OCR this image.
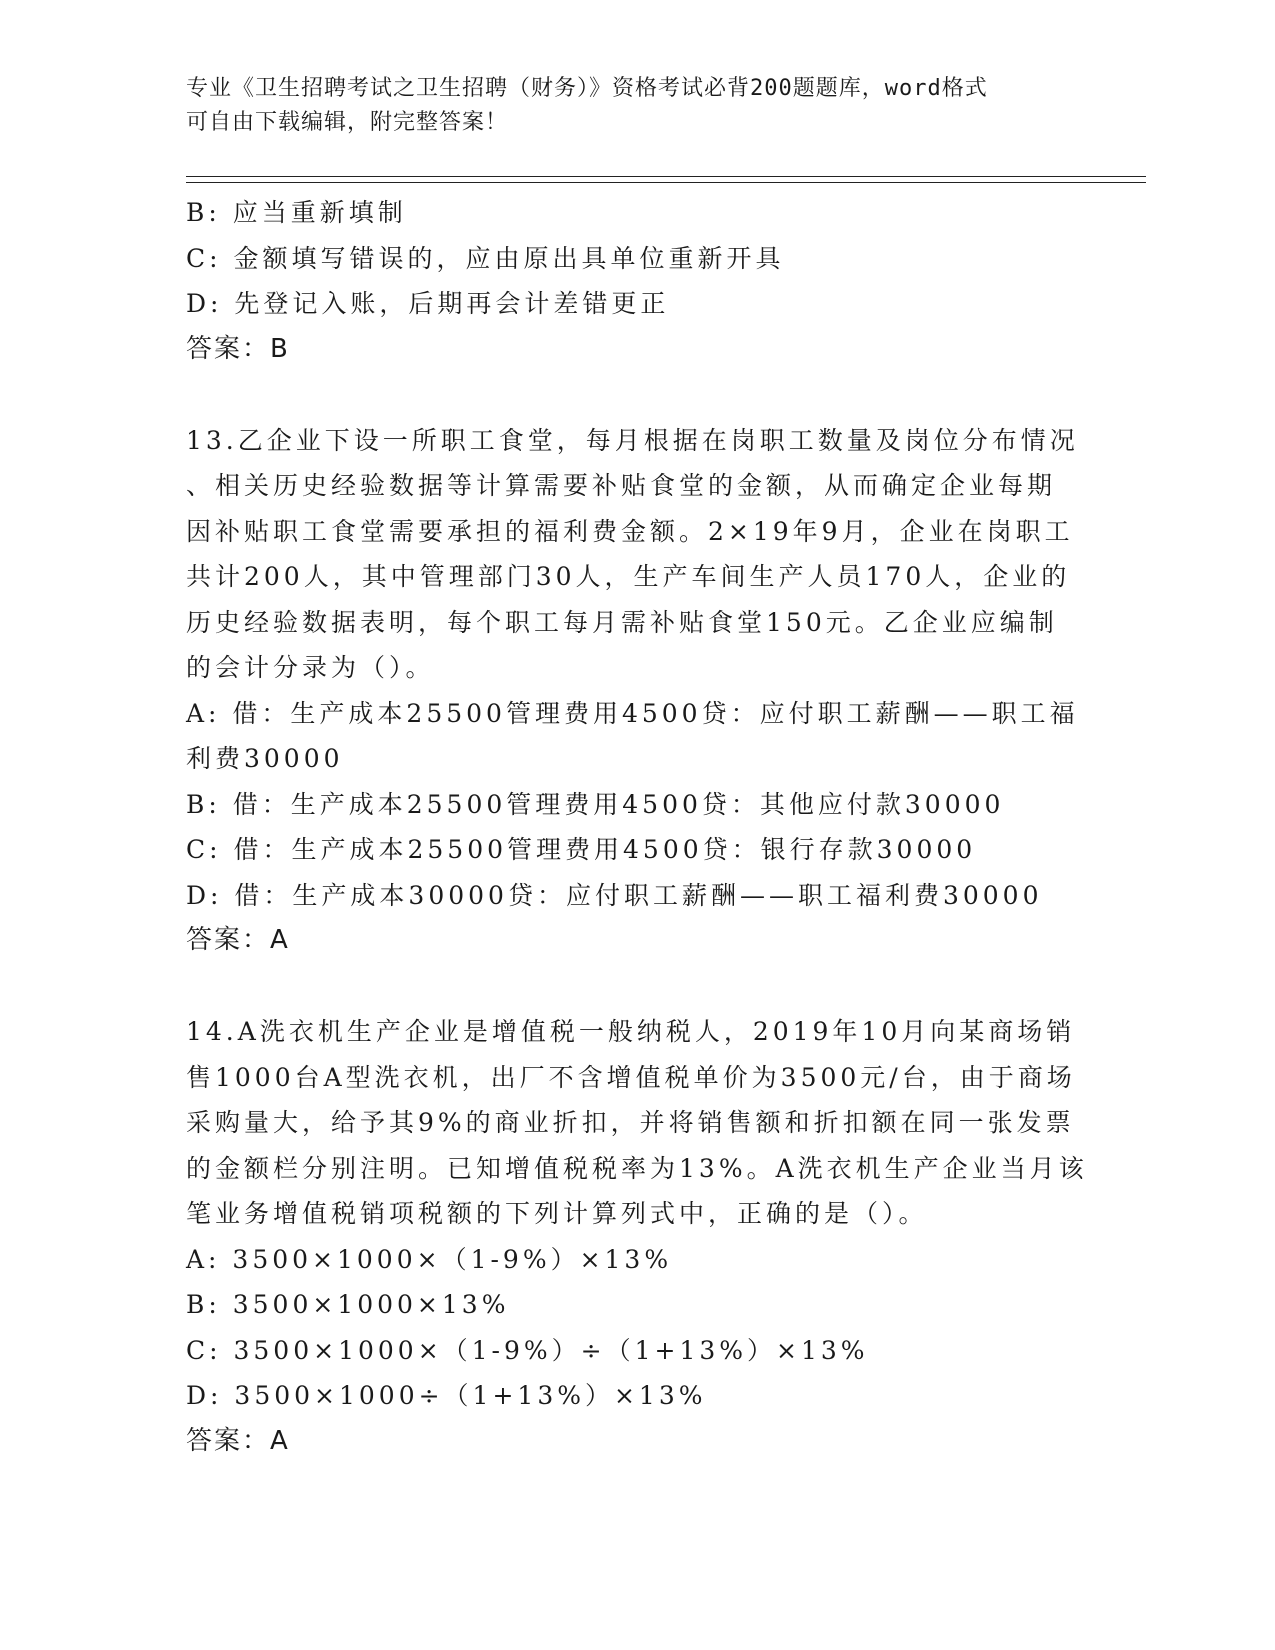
专业《卫生招聘考试之卫生招聘（财务）》资格考试必背200题题库，word格式
可自由下载编辑，附完整答案！
B: 应当重新填制
C: 金额填写错误的，应由原出具单位重新开具
D: 先登记入账，后期再会计差错更正
答案：B
13.乙企业下设一所职工食堂，每月根据在岗职工数量及岗位分布情况
、相关历史经验数据等计算需要补贴食堂的金额，从而确定企业每期
因补贴职工食堂需要承担的福利费金额。2×19年9月，企业在岗职工
共计200人，其中管理部门30人，生产车间生产人员170人，企业的
历史经验数据表明，每个职工每月需补贴食堂150元。乙企业应编制
的会计分录为（）。
A: 借：生产成本25500管理费用4500贷：应付职工薪酬——职工福
利费30000
B: 借：生产成本25500管理费用4500贷：其他应付款30000
C: 借：生产成本25500管理费用4500贷：银行存款30000
D: 借：生产成本30000贷：应付职工薪酬——职工福利费30000
答案：A
14.A洗衣机生产企业是增值税一般纳税人，2019年10月向某商场销
售1000台A型洗衣机，出厂不含增值税单价为3500元/台，由于商场
采购量大，给予其9%的商业折扣，并将销售额和折扣额在同一张发票
的金额栏分别注明。已知增值税税率为13%。A洗衣机生产企业当月该
笔业务增值税销项税额的下列计算列式中，正确的是（）。
A: 3500×1000×（1-9%）×13%
B: 3500×1000×13%
C: 3500×1000×（1-9%）÷（1+13%）×13%
D: 3500×1000÷（1+13%）×13%
答案：A
